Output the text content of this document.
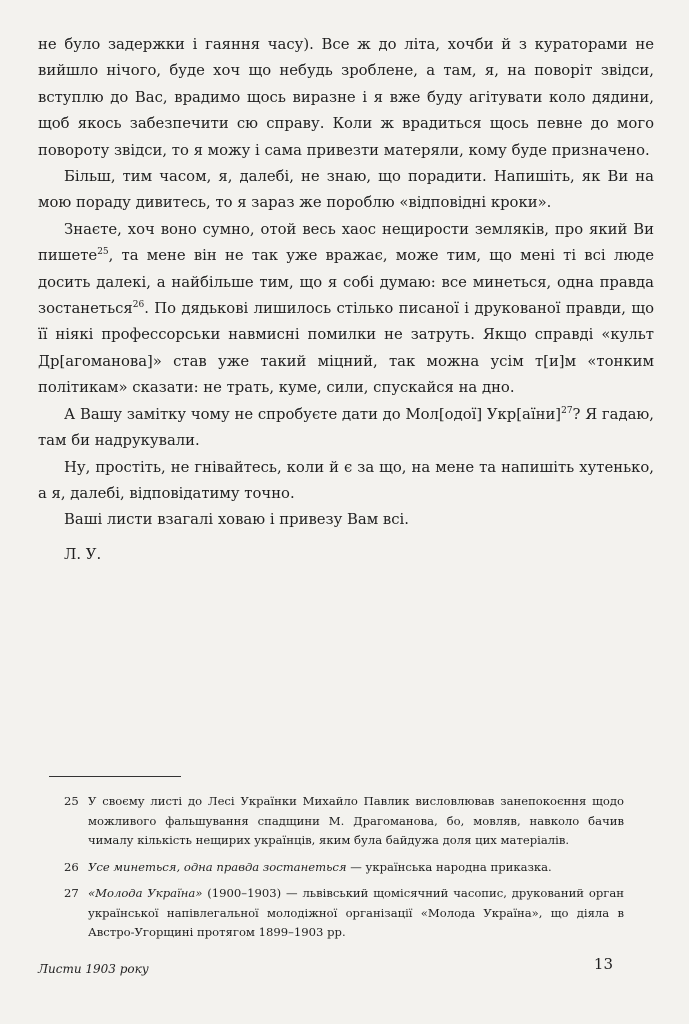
не було задержки і гаяння часу). Все ж до літа, хочби й з кураторами не вийшло нічого, буде хоч що небудь зроблене, а там, я, на поворіт звідси, вступлю до Вас, врадимо щось виразне і я вже буду агітувати коло дядини, щоб якось забезпечити сю справу. Коли ж врадиться щось певне до мого повороту звідси, то я можу і сама привезти матеряли, кому буде призначено.

Більш, тим часом, я, далебі, не знаю, що порадити. Напишіть, як Ви на мою пораду дивитесь, то я зараз же пороблю «відповідні кроки».

Знаєте, хоч воно сумно, отой весь хаос нещирости земляків, про який Ви пишете$^{25}$, та мене він не так уже вражає, може тим, що мені ті всі люде досить далекі, а найбільше тим, що я собі думаю: все минеться, одна правда зостанеться$^{26}$. По дядькові лишилось стілько писаної і друкованої правди, що її ніякі профессорськи навмисні помилки не затруть. Якщо справді «культ Др[агоманова]» став уже такий міцний, так можна усім т[и]м «тонким політикам» сказати: не трать, куме, сили, спускайся на дно.

А Вашу замітку чому не спробуєте дати до Мол[одої] Укр[аїни]$^{27}$? Я гадаю, там би надрукували.

Ну, простіть, не гнівайтесь, коли й є за що, на мене та напишіть хутенько, а я, далебі, відповідатиму точно.

Ваші листи взагалі ховаю і привезу Вам всі.

Л. У.

25 У своєму листі до Лесі Українки Михайло Павлик висловлював занепокоєння щодо можливого фальшування спадщини М. Драгоманова, бо, мовляв, навколо бачив чималу кількість нещирих українців, яким була байдужа доля цих матеріалів.
26 Усе минеться, одна правда зостанеться — українська народна приказка.
27 «Молода Україна» (1900–1903) — львівський щомісячний часопис, друкований орган української напівлегальної молодіжної організації «Молода Україна», що діяла в Австро-Угорщині протягом 1899–1903 рр.
Листи 1903 року	13
